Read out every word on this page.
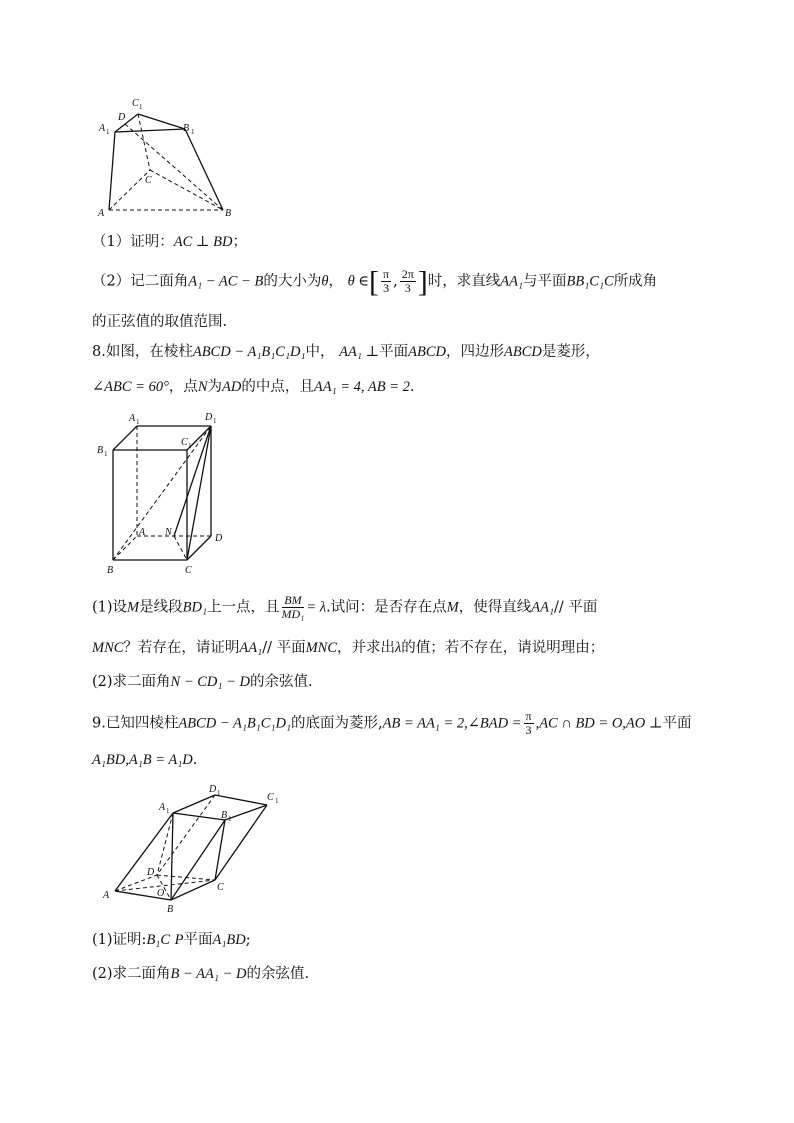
C 1
D
A 1	B 1
C
A	B
（1）证明：AC ⊥ BD；
（2）记二面角A₁ − AC − B的大小为θ， θ ∈[ $\frac{\pi}{3}$ , $\frac{2\pi}{3}$ ]时，求直线AA₁与平面BB₁C₁C所成角
的正弦值的取值范围.
8.如图，在棱柱ABCD − A₁B₁C₁D₁中， AA₁ ⊥平面ABCD，四边形ABCD是菱形，
∠ABC = 60°，点N为AD的中点，且AA₁ = 4, AB = 2.
A 1	D 1
C 1
B 1
A N
D
B	C
(1)设M是线段BD₁上一点，且 $\frac{BM}{\text{MD₁}} = \lambda$.试问：是否存在点M，使得直线AA₁// 平面
MNC？若存在，请证明AA₁// 平面MNC，并求出λ的值；若不存在，请说明理由；
(2)求二面角N − CD₁ − D的余弦值.
9.已知四棱柱ABCD − A₁B₁C₁D₁的底面为菱形,AB = AA₁ = 2,∠BAD = $\frac{\pi}{3} ,AC$ ∩ BD = O,AO ⊥平面
A₁BD,A₁B = A₁D.
A 1
D 1	C 1
B 1
D
O
C
A
B
(1)证明:B₁C P平面A₁BD;
(2)求二面角B − AA₁ − D的余弦值.
